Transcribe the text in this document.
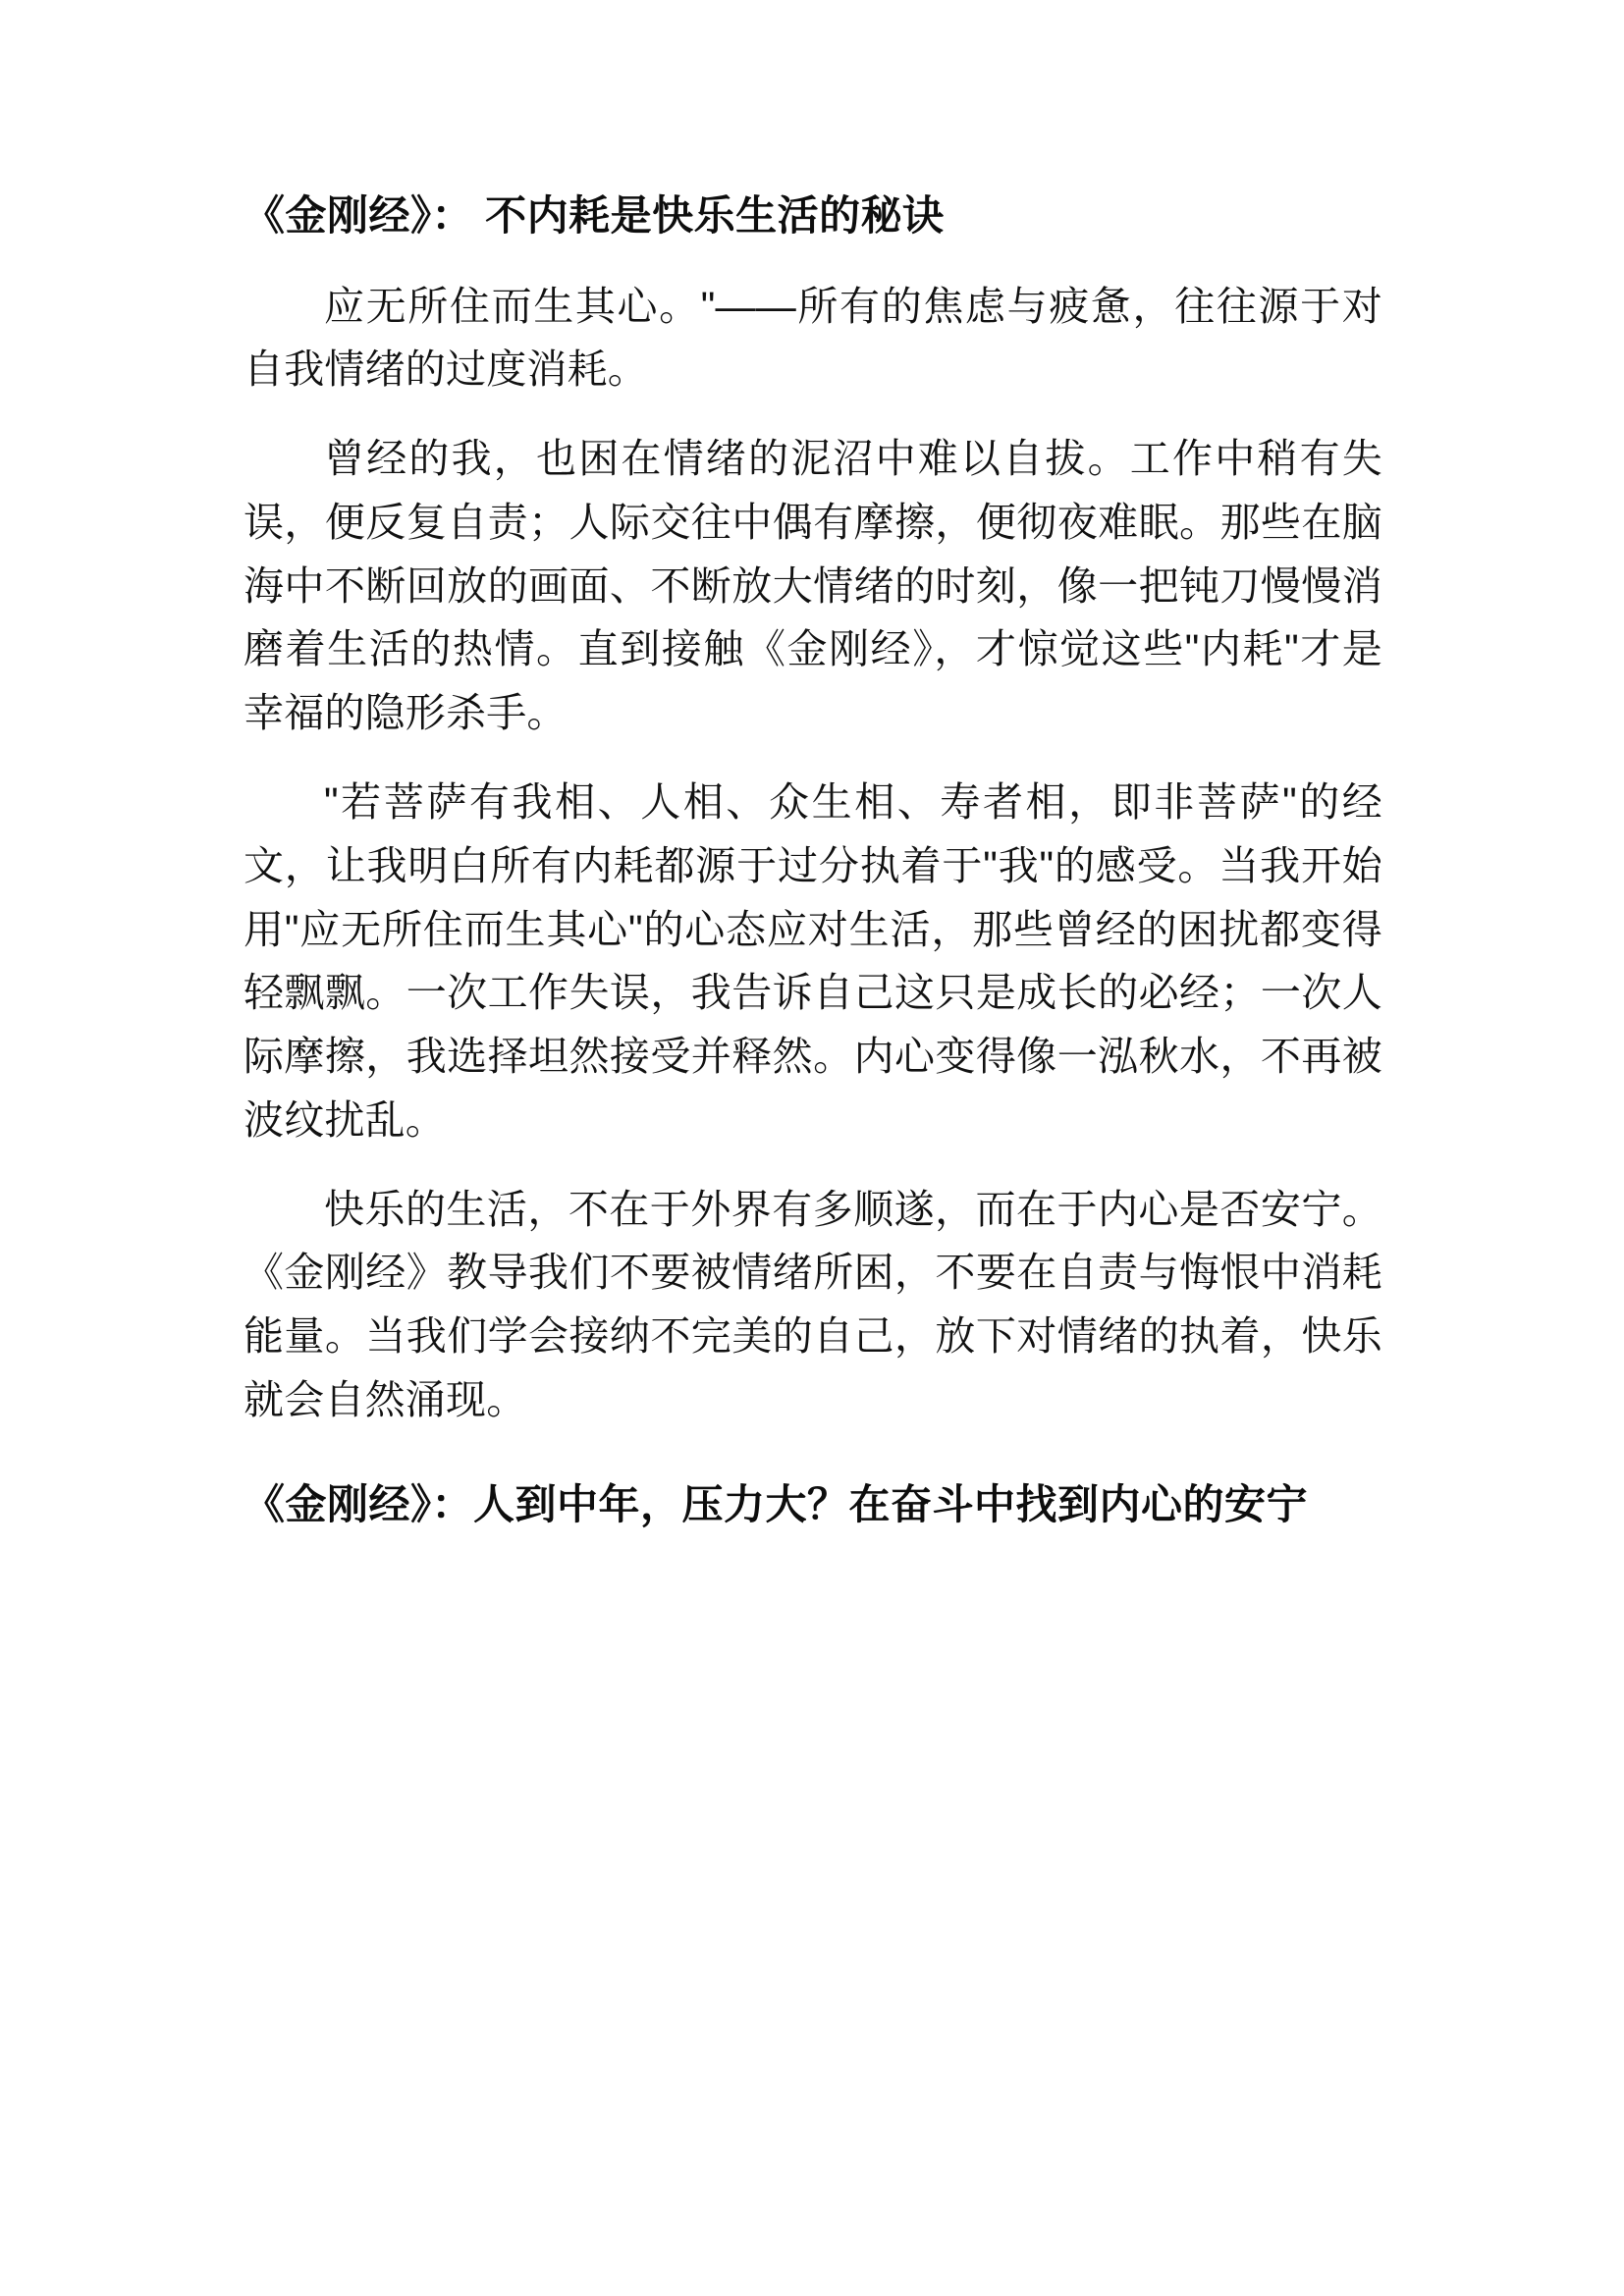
《金刚经》： 不内耗是快乐生活的秘诀

应无所住而生其心。"——所有的焦虑与疲惫，往往源于对自我情绪的过度消耗。

曾经的我，也困在情绪的泥沼中难以自拔。工作中稍有失误，便反复自责；人际交往中偶有摩擦，便彻夜难眠。那些在脑海中不断回放的画面、不断放大情绪的时刻，像一把钝刀慢慢消磨着生活的热情。直到接触《金刚经》，才惊觉这些"内耗"才是幸福的隐形杀手。

"若菩萨有我相、人相、众生相、寿者相，即非菩萨"的经文，让我明白所有内耗都源于过分执着于"我"的感受。当我开始用"应无所住而生其心"的心态应对生活，那些曾经的困扰都变得轻飘飘。一次工作失误，我告诉自己这只是成长的必经；一次人际摩擦，我选择坦然接受并释然。内心变得像一泓秋水，不再被波纹扰乱。

快乐的生活，不在于外界有多顺遂，而在于内心是否安宁。《金刚经》教导我们不要被情绪所困，不要在自责与悔恨中消耗能量。当我们学会接纳不完美的自己，放下对情绪的执着，快乐就会自然涌现。

《金刚经》：人到中年，压力大？在奋斗中找到内心的安宁
